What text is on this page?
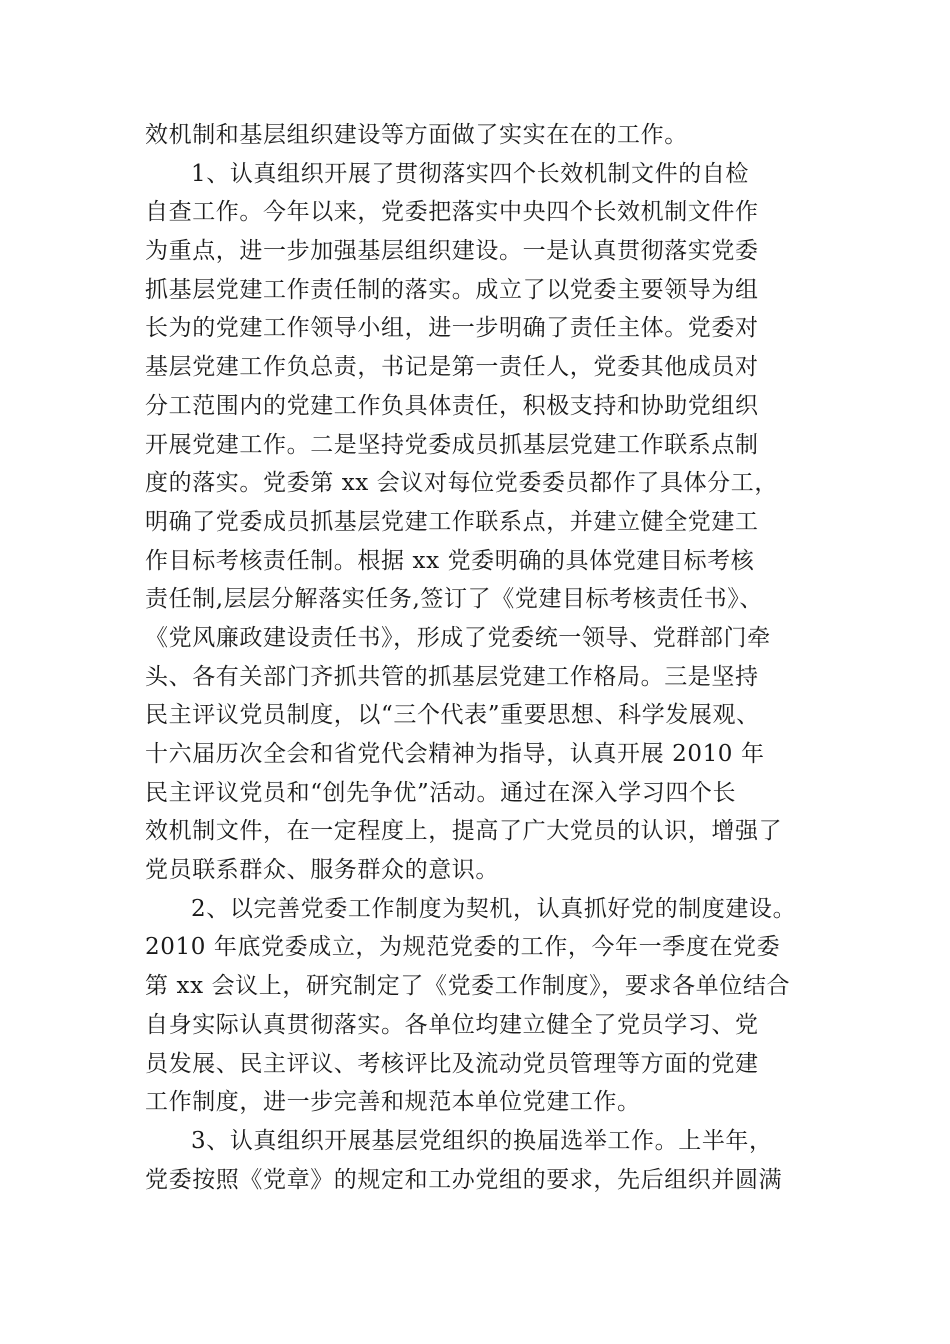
效机制和基层组织建设等方面做了实实在在的工作。
1、认真组织开展了贯彻落实四个长效机制文件的自检
自查工作。今年以来，党委把落实中央四个长效机制文件作
为重点，进一步加强基层组织建设。一是认真贯彻落实党委
抓基层党建工作责任制的落实。成立了以党委主要领导为组
长为的党建工作领导小组，进一步明确了责任主体。党委对
基层党建工作负总责，书记是第一责任人，党委其他成员对
分工范围内的党建工作负具体责任，积极支持和协助党组织
开展党建工作。二是坚持党委成员抓基层党建工作联系点制
度的落实。党委第 xx 会议对每位党委委员都作了具体分工，
明确了党委成员抓基层党建工作联系点，并建立健全党建工
作目标考核责任制。根据 xx 党委明确的具体党建目标考核
责任制,层层分解落实任务,签订了《党建目标考核责任书》、
《党风廉政建设责任书》，形成了党委统一领导、党群部门牵
头、各有关部门齐抓共管的抓基层党建工作格局。三是坚持
民主评议党员制度，以“三个代表”重要思想、科学发展观、
十六届历次全会和省党代会精神为指导，认真开展 2010 年
民主评议党员和“创先争优”活动。通过在深入学习四个长
效机制文件，在一定程度上，提高了广大党员的认识，增强了
党员联系群众、服务群众的意识。
2、以完善党委工作制度为契机，认真抓好党的制度建设。
2010 年底党委成立，为规范党委的工作，今年一季度在党委
第 xx 会议上，研究制定了《党委工作制度》，要求各单位结合
自身实际认真贯彻落实。各单位均建立健全了党员学习、党
员发展、民主评议、考核评比及流动党员管理等方面的党建
工作制度，进一步完善和规范本单位党建工作。
3、认真组织开展基层党组织的换届选举工作。上半年，
党委按照《党章》的规定和工办党组的要求，先后组织并圆满
